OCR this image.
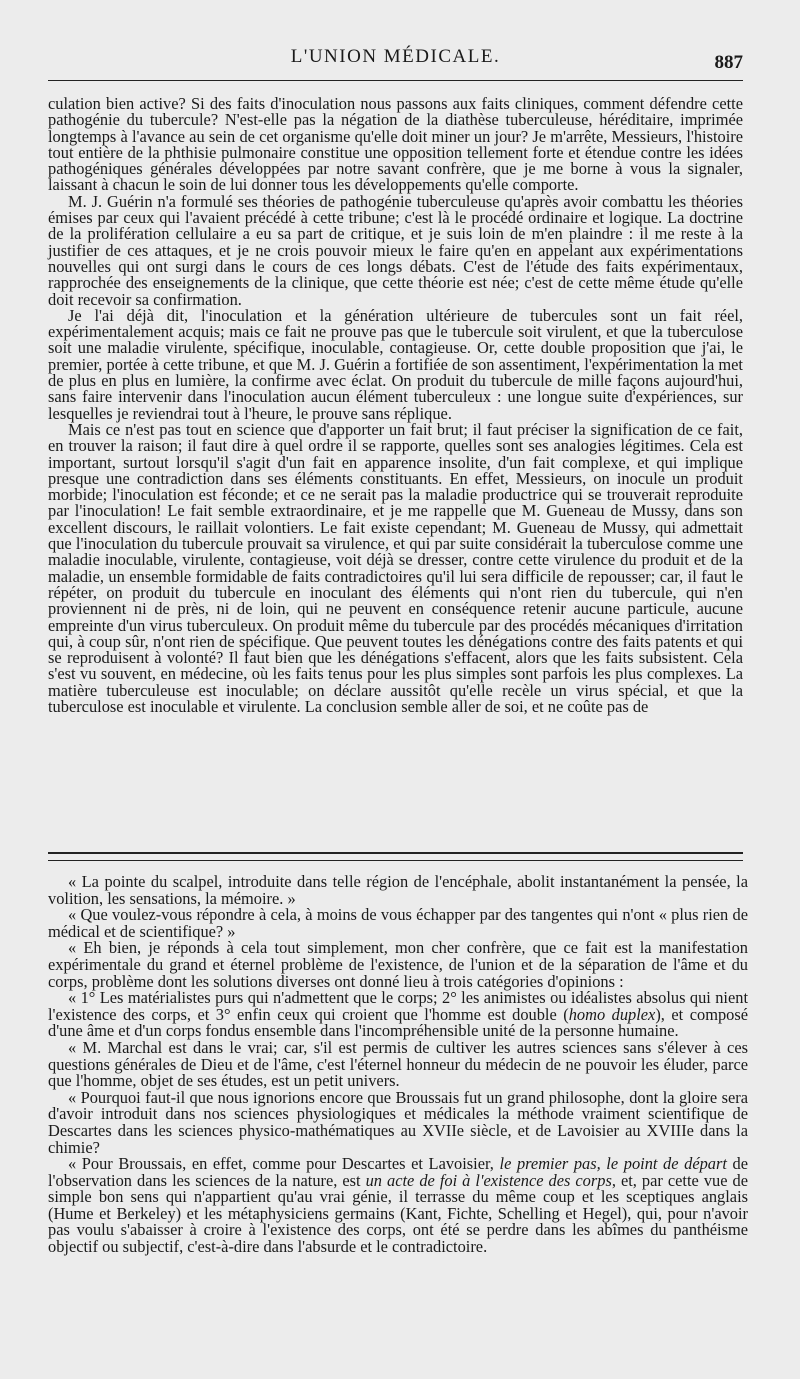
L'UNION MÉDICALE.	887

culation bien active? Si des faits d'inoculation nous passons aux faits cliniques, comment défendre cette pathogénie du tubercule? N'est-elle pas la négation de la diathèse tuberculeuse, héréditaire, imprimée longtemps à l'avance au sein de cet organisme qu'elle doit miner un jour? Je m'arrête, Messieurs, l'histoire tout entière de la phthisie pulmonaire constitue une opposition tellement forte et étendue contre les idées pathogéniques générales développées par notre savant confrère, que je me borne à vous la signaler, laissant à chacun le soin de lui donner tous les développements qu'elle comporte.

M. J. Guérin n'a formulé ses théories de pathogénie tuberculeuse qu'après avoir combattu les théories émises par ceux qui l'avaient précédé à cette tribune; c'est là le procédé ordinaire et logique. La doctrine de la prolifération cellulaire a eu sa part de critique, et je suis loin de m'en plaindre : il me reste à la justifier de ces attaques, et je ne crois pouvoir mieux le faire qu'en en appelant aux expérimentations nouvelles qui ont surgi dans le cours de ces longs débats. C'est de l'étude des faits expérimentaux, rapprochée des enseignements de la clinique, que cette théorie est née; c'est de cette même étude qu'elle doit recevoir sa confirmation.

Je l'ai déjà dit, l'inoculation et la génération ultérieure de tubercules sont un fait réel, expérimentalement acquis; mais ce fait ne prouve pas que le tubercule soit virulent, et que la tuberculose soit une maladie virulente, spécifique, inoculable, contagieuse. Or, cette double proposition que j'ai, le premier, portée à cette tribune, et que M. J. Guérin a fortifiée de son assentiment, l'expérimentation la met de plus en plus en lumière, la confirme avec éclat. On produit du tubercule de mille façons aujourd'hui, sans faire intervenir dans l'inoculation aucun élément tuberculeux : une longue suite d'expériences, sur lesquelles je reviendrai tout à l'heure, le prouve sans réplique.

Mais ce n'est pas tout en science que d'apporter un fait brut; il faut préciser la signification de ce fait, en trouver la raison; il faut dire à quel ordre il se rapporte, quelles sont ses analogies légitimes. Cela est important, surtout lorsqu'il s'agit d'un fait en apparence insolite, d'un fait complexe, et qui implique presque une contradiction dans ses éléments constituants. En effet, Messieurs, on inocule un produit morbide; l'inoculation est féconde; et ce ne serait pas la maladie productrice qui se trouverait reproduite par l'inoculation! Le fait semble extraordinaire, et je me rappelle que M. Gueneau de Mussy, dans son excellent discours, le raillait volontiers. Le fait existe cependant; M. Gueneau de Mussy, qui admettait que l'inoculation du tubercule prouvait sa virulence, et qui par suite considérait la tuberculose comme une maladie inoculable, virulente, contagieuse, voit déjà se dresser, contre cette virulence du produit et de la maladie, un ensemble formidable de faits contradictoires qu'il lui sera difficile de repousser; car, il faut le répéter, on produit du tubercule en inoculant des éléments qui n'ont rien du tubercule, qui n'en proviennent ni de près, ni de loin, qui ne peuvent en conséquence retenir aucune particule, aucune empreinte d'un virus tuberculeux. On produit même du tubercule par des procédés mécaniques d'irritation qui, à coup sûr, n'ont rien de spécifique. Que peuvent toutes les dénégations contre des faits patents et qui se reproduisent à volonté? Il faut bien que les dénégations s'effacent, alors que les faits subsistent. Cela s'est vu souvent, en médecine, où les faits tenus pour les plus simples sont parfois les plus complexes. La matière tuberculeuse est inoculable; on déclare aussitôt qu'elle recèle un virus spécial, et que la tuberculose est inoculable et virulente. La conclusion semble aller de soi, et ne coûte pas de

« La pointe du scalpel, introduite dans telle région de l'encéphale, abolit instantanément la pensée, la volition, les sensations, la mémoire. »

« Que voulez-vous répondre à cela, à moins de vous échapper par des tangentes qui n'ont « plus rien de médical et de scientifique? »

« Eh bien, je réponds à cela tout simplement, mon cher confrère, que ce fait est la manifestation expérimentale du grand et éternel problème de l'existence, de l'union et de la séparation de l'âme et du corps, problème dont les solutions diverses ont donné lieu à trois catégories d'opinions :

« 1° Les matérialistes purs qui n'admettent que le corps; 2° les animistes ou idéalistes absolus qui nient l'existence des corps, et 3° enfin ceux qui croient que l'homme est double (homo duplex), et composé d'une âme et d'un corps fondus ensemble dans l'incompréhensible unité de la personne humaine.

« M. Marchal est dans le vrai; car, s'il est permis de cultiver les autres sciences sans s'élever à ces questions générales de Dieu et de l'âme, c'est l'éternel honneur du médecin de ne pouvoir les éluder, parce que l'homme, objet de ses études, est un petit univers.

« Pourquoi faut-il que nous ignorions encore que Broussais fut un grand philosophe, dont la gloire sera d'avoir introduit dans nos sciences physiologiques et médicales la méthode vraiment scientifique de Descartes dans les sciences physico-mathématiques au XVIIe siècle, et de Lavoisier au XVIIIe dans la chimie?

« Pour Broussais, en effet, comme pour Descartes et Lavoisier, le premier pas, le point de départ de l'observation dans les sciences de la nature, est un acte de foi à l'existence des corps, et, par cette vue de simple bon sens qui n'appartient qu'au vrai génie, il terrasse du même coup et les sceptiques anglais (Hume et Berkeley) et les métaphysiciens germains (Kant, Fichte, Schelling et Hegel), qui, pour n'avoir pas voulu s'abaisser à croire à l'existence des corps, ont été se perdre dans les abîmes du panthéisme objectif ou subjectif, c'est-à-dire dans l'absurde et le contradictoire.
